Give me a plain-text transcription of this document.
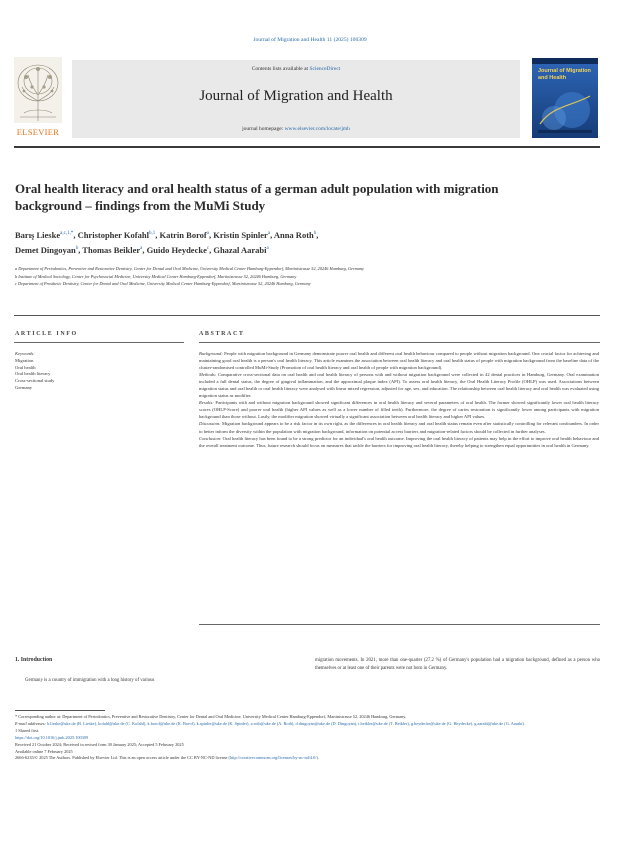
Journal of Migration and Health 11 (2025) 100309
ELSEVIER
Contents lists available at ScienceDirect
Journal of Migration and Health
journal homepage: www.elsevier.com/locate/jmh
Journal of Migration and Health
Oral health literacy and oral health status of a german adult population with migration background – findings from the MuMi Study
Barış Lieske$^{a,c,1,*}$, Christopher Kofahl$^{b,1}$, Katrin Borof$^a$, Kristin Spinler$^a$, Anna Roth$^b$,
Demet Dingoyan$^b$, Thomas Beikler$^a$, Guido Heydecke$^c$, Ghazal Aarabi$^a$

a Department of Periodontics, Preventive and Restorative Dentistry, Center for Dental and Oral Medicine, University Medical Center Hamburg-Eppendorf, Martinistrasse 52, 20246 Hamburg, Germany

b Institute of Medical Sociology, Center for Psychosocial Medicine, University Medical Center Hamburg-Eppendorf, Martinistrasse 52, 20246 Hamburg, Germany

c Department of Prosthetic Dentistry, Center for Dental and Oral Medicine, University Medical Center Hamburg-Eppendorf, Martinistrasse 52, 20246 Hamburg, Germany

ARTICLE INFO
Keywords:
Migration
Oral health
Oral health literacy
Cross-sectional study
Germany
ABSTRACT

Background: People with migration background in Germany demonstrate poorer oral health and different oral health behaviour compared to people without migration background. One crucial factor for achieving and maintaining good oral health is a person's oral health literacy. This article examines the association between oral health literacy and oral health status of people with migration background from the baseline data of the cluster-randomised controlled MuMi-Study (Promotion of oral health literacy and oral health of people with migration background).

Methods: Comparative cross-sectional data on oral health and oral health literacy of persons with and without migration background were collected in 42 dental practices in Hamburg, Germany. Oral examination included a full dental status, the degree of gingival inflammation, and the approximal plaque index (API). To assess oral health literacy, the Oral Health Literacy Profile (OHLP) was used. Associations between migration status and oral health or oral health literacy were analysed with linear mixed regression, adjusted for age, sex, and education. The relationship between oral health literacy and oral health was evaluated using migration status as modifier.

Results: Participants with and without migration background showed significant differences in oral health literacy and several parameters of oral health. The former showed significantly lower oral health literacy scores (OHLP-Score) and poorer oral health (higher API values as well as a lower number of filled teeth). Furthermore, the degree of caries restoration is significantly lower among participants with migration background than those without. Lastly, the modifier migration showed virtually a significant association between oral health literacy and higher API values.

Discussion: Migration background appears to be a risk factor in its own right, as the differences in oral health literacy and oral health status remain even after statistically controlling for relevant confounders. In order to better inform the diversity within the population with migration background, information on potential access barriers and migration-related factors should be collected in further analyses.

Conclusion: Oral health literacy has been found to be a strong predictor for an individual's oral health outcome. Improving the oral health literacy of patients may help in the effort to improve oral health behaviour and the overall treatment outcome. Thus, future research should focus on measures that tackle the barriers for improving oral health literacy, thereby helping to strengthen equal opportunities in oral health in Germany.

1. Introduction
Germany is a country of immigration with a long history of various
migration movements. In 2021, more than one-quarter (27.2 %) of Germany's population had a migration background, defined as a person who themselves or at least one of their parents were not born in Germany.

* Corresponding author at: Department of Periodontics, Preventive and Restorative Dentistry, Center for Dental and Oral Medicine, University Medical Center Hamburg-Eppendorf, Martinistrasse 52, 20246 Hamburg, Germany.

E-mail addresses: b.lieske@uke.de (B. Lieske), kofahl@uke.de (C. Kofahl), k.borof@uke.de (K. Borof), k.spinler@uke.de (K. Spinler), a.roth@uke.de (A. Roth), d.dingoyan@uke.de (D. Dingoyan), t.beikler@uke.de (T. Beikler), g.heydecke@uke.de (G. Heydecke), g.aarabi@uke.de (G. Aarabi).

1 Shared first.

https://doi.org/10.1016/j.jmh.2025.100309

Received 21 October 2024; Received in revised form 30 January 2025; Accepted 5 February 2025

Available online 7 February 2025

2666-6235/© 2025 The Authors. Published by Elsevier Ltd. This is an open access article under the CC BY-NC-ND license (http://creativecommons.org/licenses/by-nc-nd/4.0/).
